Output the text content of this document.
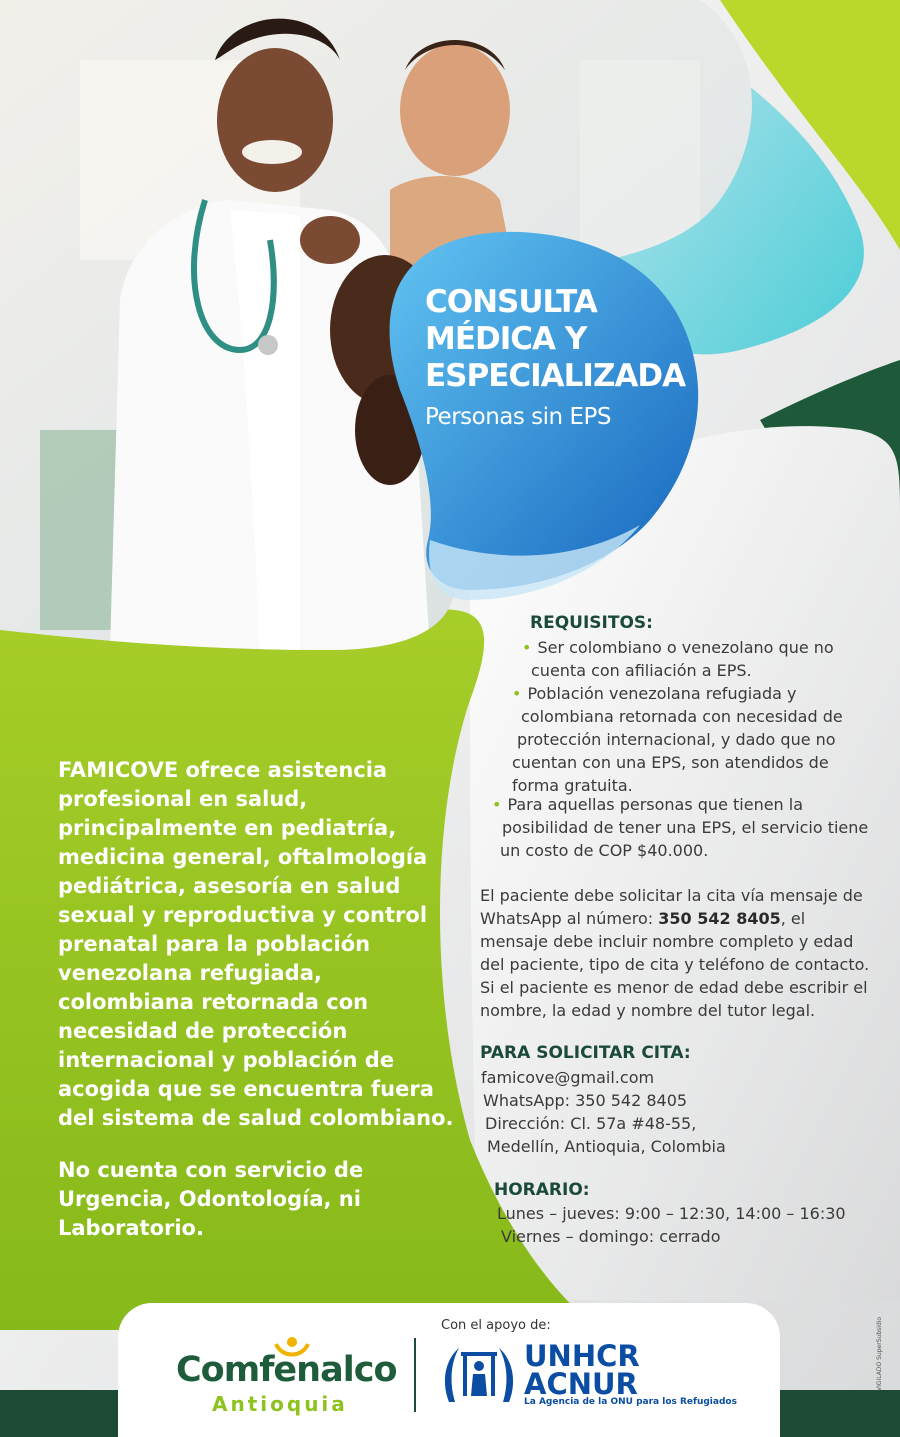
CONSULTA
MÉDICA Y
ESPECIALIZADA
Personas sin EPS
REQUISITOS:
• Ser colombiano o venezolano que no
cuenta con afiliación a EPS.
• Población venezolana refugiada y
colombiana retornada con necesidad de
protección internacional, y dado que no
cuentan con una EPS, son atendidos de
forma gratuita.
• Para aquellas personas que tienen la
posibilidad de tener una EPS, el servicio tiene
un costo de COP $40.000.
El paciente debe solicitar la cita vía mensaje de
WhatsApp al número: 350 542 8405, el
mensaje debe incluir nombre completo y edad
del paciente, tipo de cita y teléfono de contacto.
Si el paciente es menor de edad debe escribir el
nombre, la edad y nombre del tutor legal.
PARA SOLICITAR CITA:
famicove@gmail.com
WhatsApp: 350 542 8405
Dirección: Cl. 57a #48-55,
Medellín, Antioquia, Colombia
HORARIO:
Lunes – jueves: 9:00 – 12:30, 14:00 – 16:30
Viernes – domingo: cerrado
FAMICOVE ofrece asistencia
profesional en salud,
principalmente en pediatría,
medicina general, oftalmología
pediátrica, asesoría en salud
sexual y reproductiva y control
prenatal para la población
venezolana refugiada,
colombiana retornada con
necesidad de protección
internacional y población de
acogida que se encuentra fuera
del sistema de salud colombiano.
No cuenta con servicio de
Urgencia, Odontología, ni
Laboratorio.
Comfenalco
Antioquia
Con el apoyo de:
UNHCR
ACNUR
La Agencia de la ONU para los Refugiados
VIGILADO SuperSubsidio
